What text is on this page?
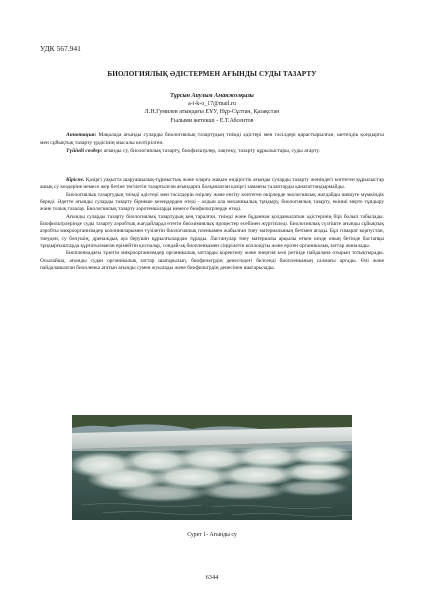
УДК 567.941
БИОЛОГИЯЛЫҚ ӘДІСТЕРМЕН АҒЫНДЫ СУДЫ ТАЗАРТУ
Тұрсын Аиулым Аманжолқызы
a-i-k-o_17@mail.ru
Л.Н.Гумилев атындағы ЕҰУ, Нұр-Сұлтан, Қазақстан
Ғылыми жетекші - Е.Т.Абсентов

Аннотация: Мақалада ағынды суларды биологиялық тазартудың тиімді әдістері мен тәсілдері қарастырылған, шетелдік қондырғы мен сұйықтық тазарту үрдісінің мысалы келтірілген.

Түйінді сөздер: ағынды су, биологиялық тазарту, биофильтрлер, лақтеку, тазарту құрылыстары, суды ағарту.

Кіріспе. Қазіргі уақытта шаруашылық-тұрмыстық және оларға жақын өндірістік ағынды суларды тазарту жөніндегі көптеген құрылыстар ашық су көздеріне немесе жер бетіне төгілетін тазартылған ағындарға балқаналған қазіргі заманғы талаптарды қанағаттандырмайды.

Биологиялық тазартудың тиімді әдістері мен тәсілдерін өзірлеу және енгізу көптеген өкірлерде экологиялық жағдайды шешуге мүмкіндік береді. Әдетте ағынды суларды тазарту бірнеше кезеңдерден өтеді - алдын ала механикалық тұндыру, биологиялық тазарту, екінші мерте тұндыру және толық тазалау. Биологиялық тазарту аэротенкаларда немесе биофильтрлерде өтеді.

Ағынды суларды тазарту биологиялық тазартудың кең таралған, тиімді және бұданнан қолданылатын әдістерінің бірі болып табылады. Биофильтрлерінде суды тазарту аэробтық жағдайларда өтетін биохимиялық процестер есебінен жүргізіледі. Биологиялық сүзгіште ағынды сұйықтық аэробты микроорганизмдер колонияларымен түзілетін биологиялық пленкамен жабылған тиеу материалының бетімен ағады. Бұл гимарат корпустан, тиеуден, су бөлушің, дренаждық ауа берушін құрылғылардан тұрады. Ластанулар тиеу материалы арқылы өткен кезде оның бетінде бастапқы тұндырғыштарда құрғатылмаған ерімейтін қоспалар, сондай-ақ биопленкамен сіңірілетін коллоидты және еріген органикалық заттар жиналады.

Биопленкадағы тұзетін микроорганизмдер органикалық заттарды қоректену және энергия көзі ретінде пайдалана отырып тотықтырады. Осылайша, ағынды судан органикалық заттар шығарылып, биофильтрдің денесіндегі белсенді биопленканың салмағы артады. Өлі және пайдаланылған биопленка ағатын ағынды сумен жуылады және биофильтрдің денесінен шығарылады.

Сурет 1- Ағынды су
6344
